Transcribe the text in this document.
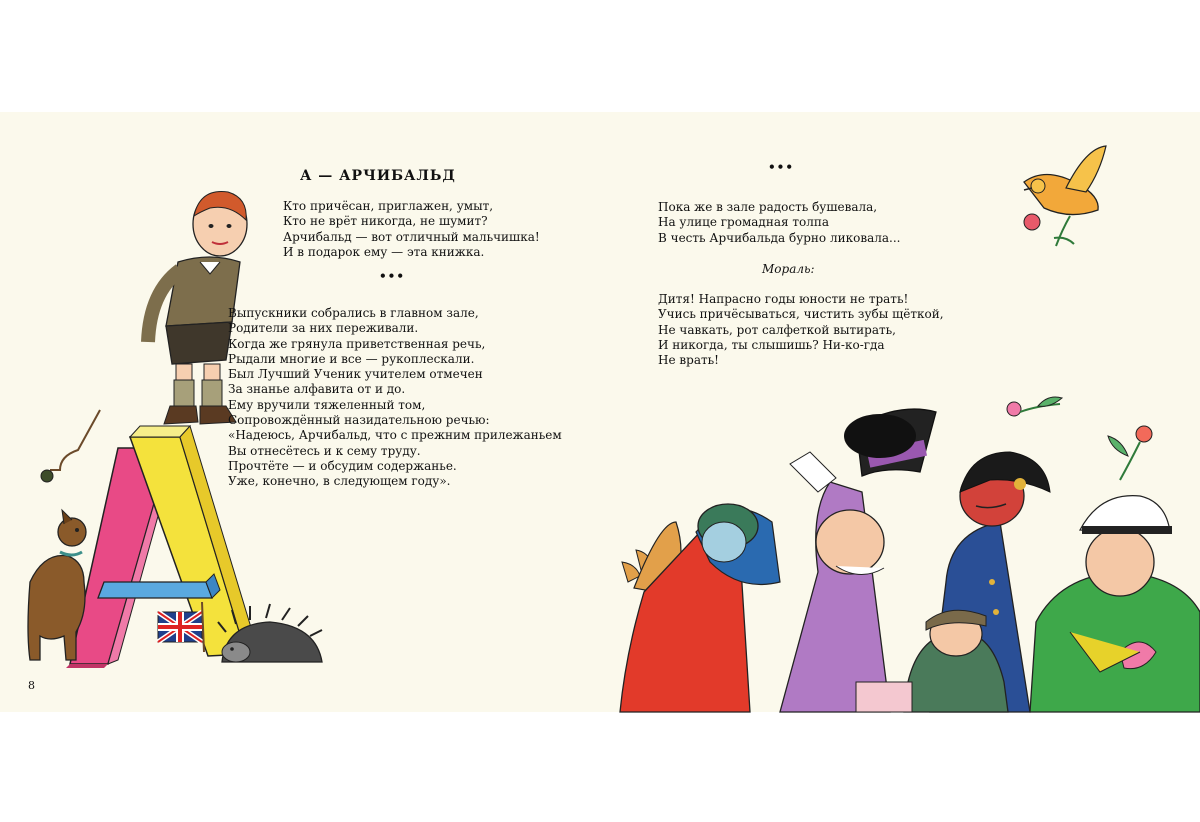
А — АРЧИБАЛЬД

Кто причёсан, приглажен, умыт,
Кто не врёт никогда, не шумит?
Арчибальд — вот отличный мальчишка!
И в подарок ему — эта книжка.

•••

Выпускники собрались в главном зале,
Родители за них переживали.
Когда же грянула приветственная речь,
Рыдали многие и все — рукоплескали.
Был Лучший Ученик учителем отмечен
За знанье алфавита от и до.
Ему вручили тяжеленный том,
Сопровождённый назидательною речью:
«Надеюсь, Арчибальд, что с прежним прилежаньем
Вы отнесётесь и к сему труду.
Прочтёте — и обсудим содержанье.
Уже, конечно, в следующем году».

8
•••

Пока же в зале радость бушевала,
На улице громадная толпа
В честь Арчибальда бурно ликовала...

Мораль:

Дитя! Напрасно годы юности не трать!
Учись причёсываться, чистить зубы щёткой,
Не чавкать, рот салфеткой вытирать,
И никогда, ты слышишь? Ни-ко-гда
Не врать!
